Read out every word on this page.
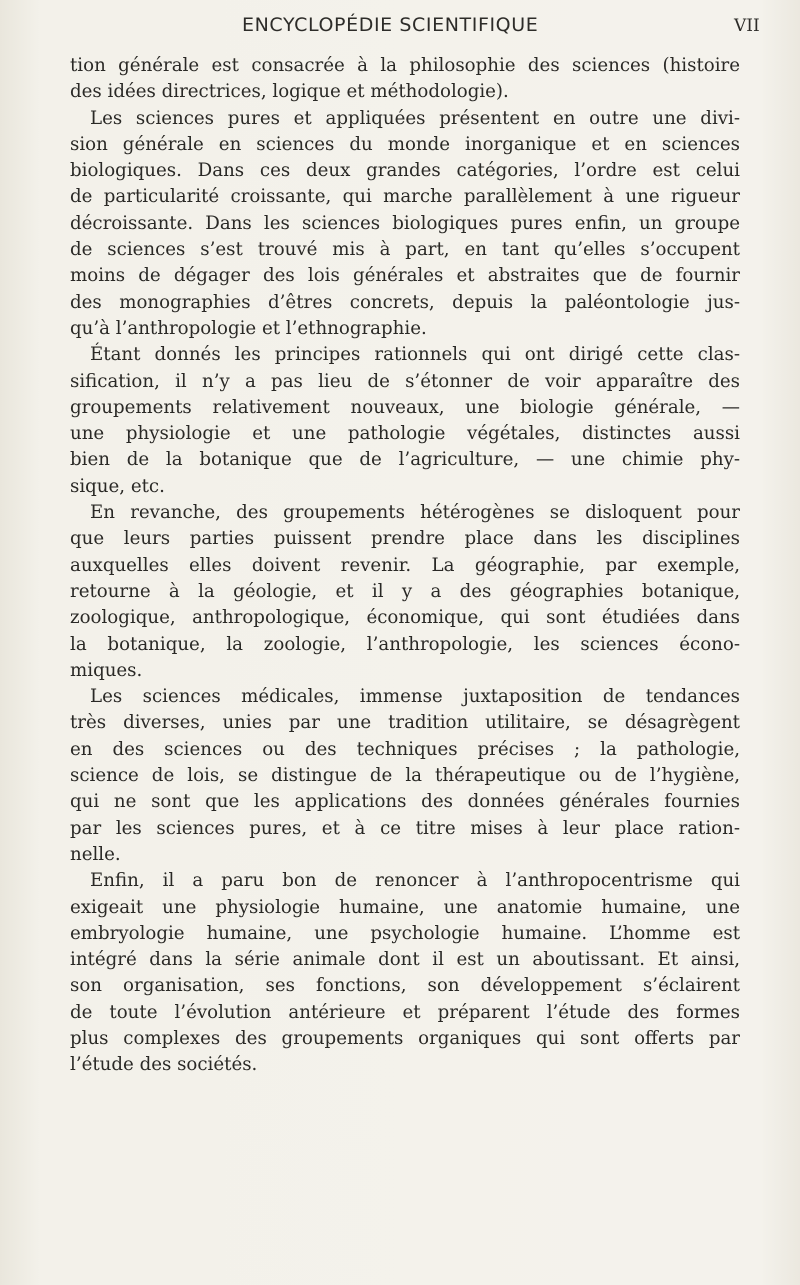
ENCYCLOPÉDIE SCIENTIFIQUE	VII
tion générale est consacrée à la philosophie des sciences (histoire
des idées directrices, logique et méthodologie).
Les sciences pures et appliquées présentent en outre une divi-
sion générale en sciences du monde inorganique et en sciences
biologiques. Dans ces deux grandes catégories, l’ordre est celui
de particularité croissante, qui marche parallèlement à une rigueur
décroissante. Dans les sciences biologiques pures enfin, un groupe
de sciences s’est trouvé mis à part, en tant qu’elles s’occupent
moins de dégager des lois générales et abstraites que de fournir
des monographies d’êtres concrets, depuis la paléontologie jus-
qu’à l’anthropologie et l’ethnographie.
Étant donnés les principes rationnels qui ont dirigé cette clas-
sification, il n’y a pas lieu de s’étonner de voir apparaître des
groupements relativement nouveaux, une biologie générale, —
une physiologie et une pathologie végétales, distinctes aussi
bien de la botanique que de l’agriculture, — une chimie phy-
sique, etc.
En revanche, des groupements hétérogènes se disloquent pour
que leurs parties puissent prendre place dans les disciplines
auxquelles elles doivent revenir. La géographie, par exemple,
retourne à la géologie, et il y a des géographies botanique,
zoologique, anthropologique, économique, qui sont étudiées dans
la botanique, la zoologie, l’anthropologie, les sciences écono-
miques.
Les sciences médicales, immense juxtaposition de tendances
très diverses, unies par une tradition utilitaire, se désagrègent
en des sciences ou des techniques précises ; la pathologie,
science de lois, se distingue de la thérapeutique ou de l’hygiène,
qui ne sont que les applications des données générales fournies
par les sciences pures, et à ce titre mises à leur place ration-
nelle.
Enfin, il a paru bon de renoncer à l’anthropocentrisme qui
exigeait une physiologie humaine, une anatomie humaine, une
embryologie humaine, une psychologie humaine. L’homme est
intégré dans la série animale dont il est un aboutissant. Et ainsi,
son organisation, ses fonctions, son développement s’éclairent
de toute l’évolution antérieure et préparent l’étude des formes
plus complexes des groupements organiques qui sont offerts par
l’étude des sociétés.
